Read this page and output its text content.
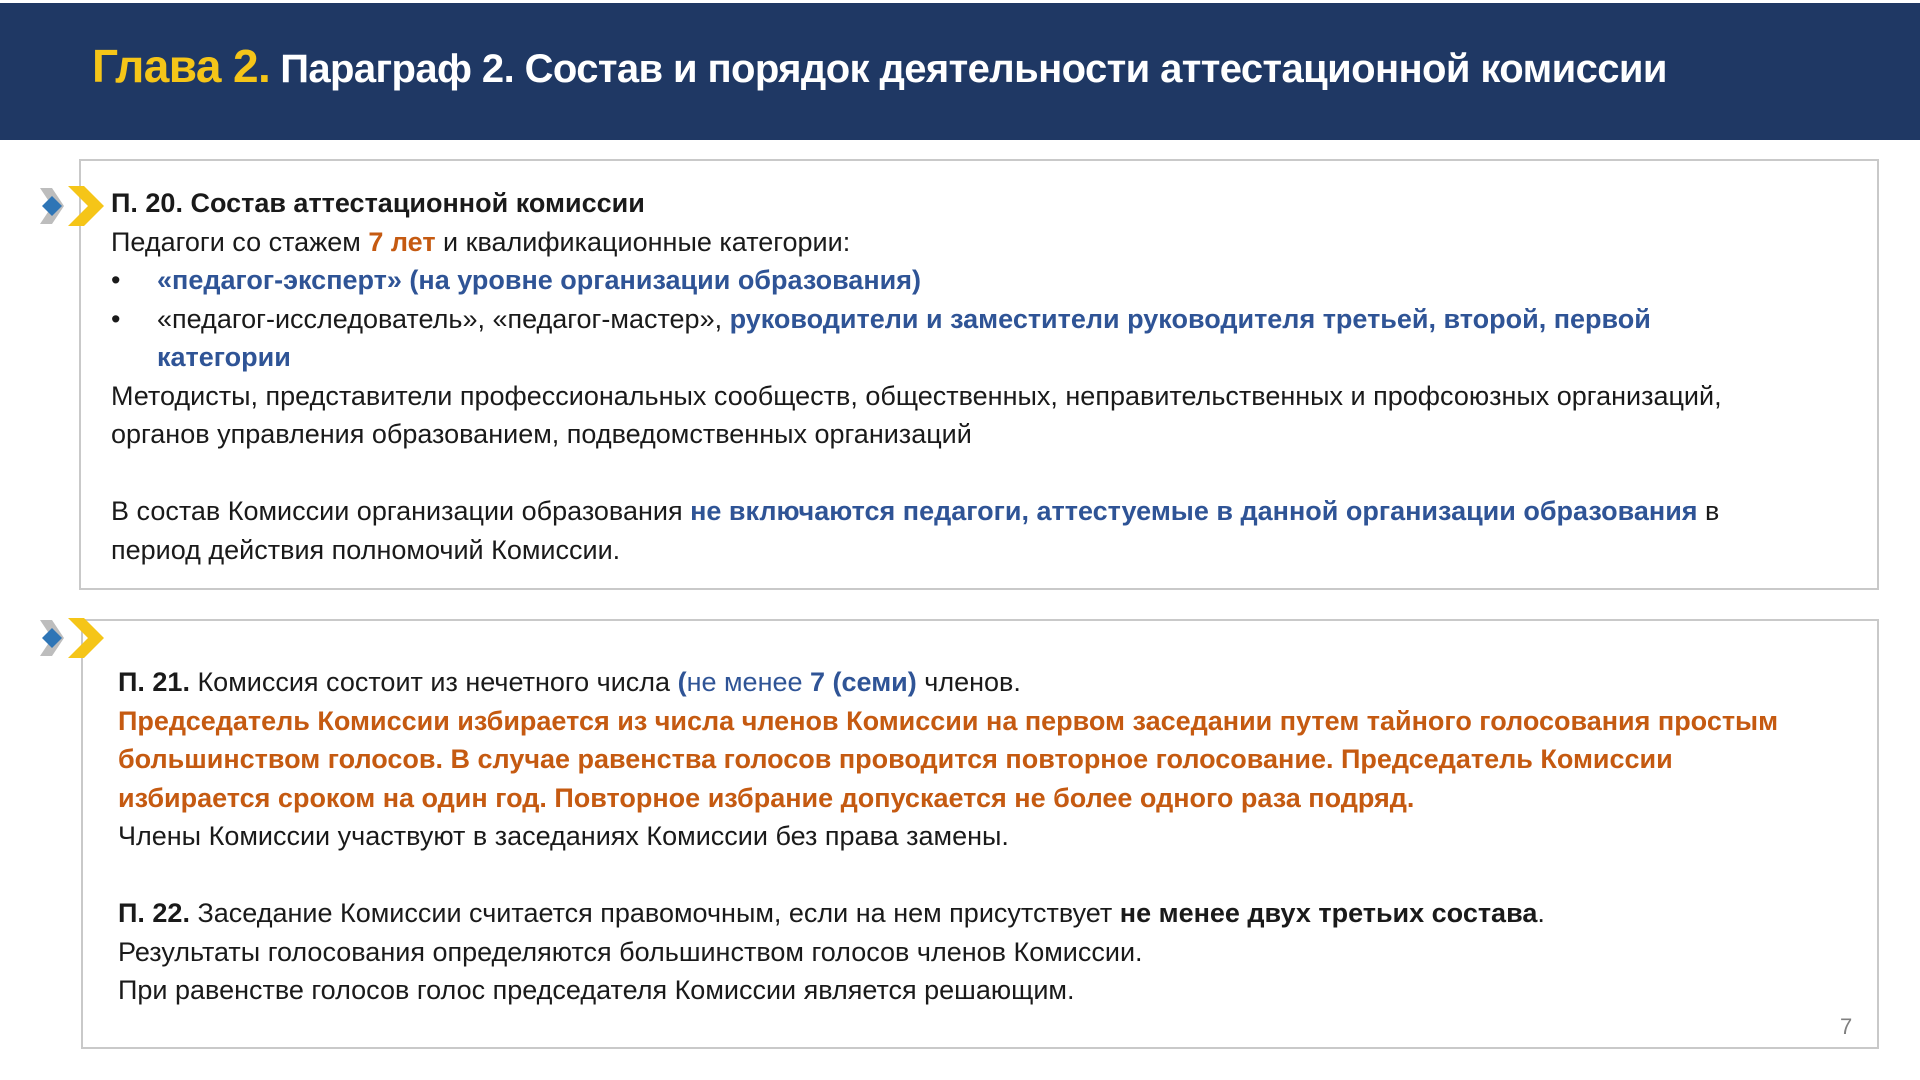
Глава 2. Параграф 2. Состав и порядок деятельности аттестационной комиссии

П. 20. Состав аттестационной комиссии

Педагоги со стажем 7 лет и квалификационные категории:

• «педагог-эксперт» (на уровне организации образования)

• «педагог-исследователь», «педагог-мастер», руководители и заместители руководителя третьей, второй, первой

категории

Методисты, представители профессиональных сообществ, общественных, неправительственных и профсоюзных организаций,

органов управления образованием, подведомственных организаций

В состав Комиссии организации образования не включаются педагоги, аттестуемые в данной организации образования в

период действия полномочий Комиссии.

П. 21. Комиссия состоит из нечетного числа (не менее 7 (семи) членов.

Председатель Комиссии избирается из числа членов Комиссии на первом заседании путем тайного голосования простым

большинством голосов. В случае равенства голосов проводится повторное голосование. Председатель Комиссии

избирается сроком на один год. Повторное избрание допускается не более одного раза подряд.

Члены Комиссии участвуют в заседаниях Комиссии без права замены.

П. 22. Заседание Комиссии считается правомочным, если на нем присутствует не менее двух третьих состава.

Результаты голосования определяются большинством голосов членов Комиссии.

При равенстве голосов голос председателя Комиссии является решающим.

7
